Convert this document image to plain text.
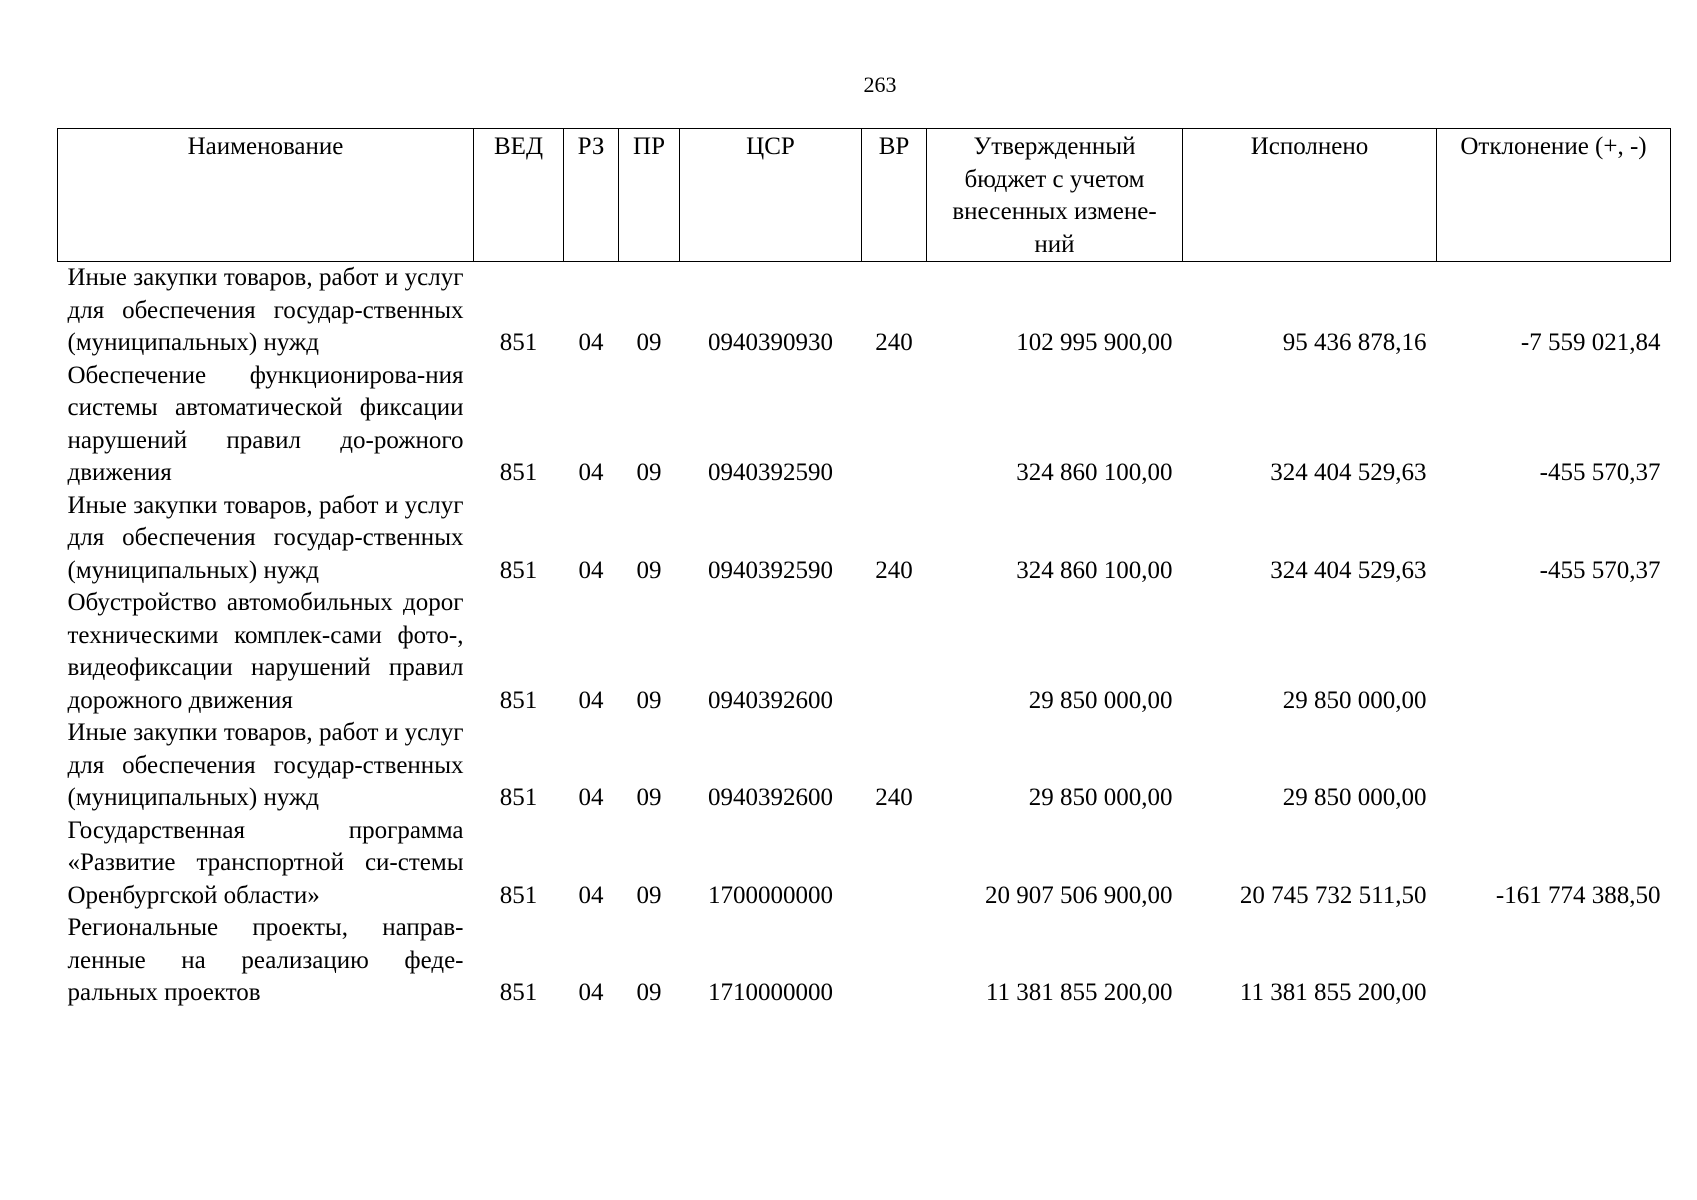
263
Наименование	ВЕД	РЗ	ПР	ЦСР	ВР	Утвержденный бюджет с учетом внесенных измене-ний	Исполнено	Отклонение (+, -)
Иные закупки товаров, работ и услуг для обеспечения государ-ственных (муниципальных) нужд	851	04	09	0940390930	240	102 995 900,00	95 436 878,16	-7 559 021,84
Обеспечение функционирова-ния системы автоматической фиксации нарушений правил до-рожного движения	851	04	09	0940392590		324 860 100,00	324 404 529,63	-455 570,37
Иные закупки товаров, работ и услуг для обеспечения государ-ственных (муниципальных) нужд	851	04	09	0940392590	240	324 860 100,00	324 404 529,63	-455 570,37
Обустройство автомобильных дорог техническими комплек-сами фото-, видеофиксации нарушений правил дорожного движения	851	04	09	0940392600		29 850 000,00	29 850 000,00	
Иные закупки товаров, работ и услуг для обеспечения государ-ственных (муниципальных) нужд	851	04	09	0940392600	240	29 850 000,00	29 850 000,00	
Государственная программа «Развитие транспортной си-стемы Оренбургской области»	851	04	09	1700000000		20 907 506 900,00	20 745 732 511,50	-161 774 388,50
Региональные проекты, направ-ленные на реализацию феде-ральных проектов	851	04	09	1710000000		11 381 855 200,00	11 381 855 200,00	
